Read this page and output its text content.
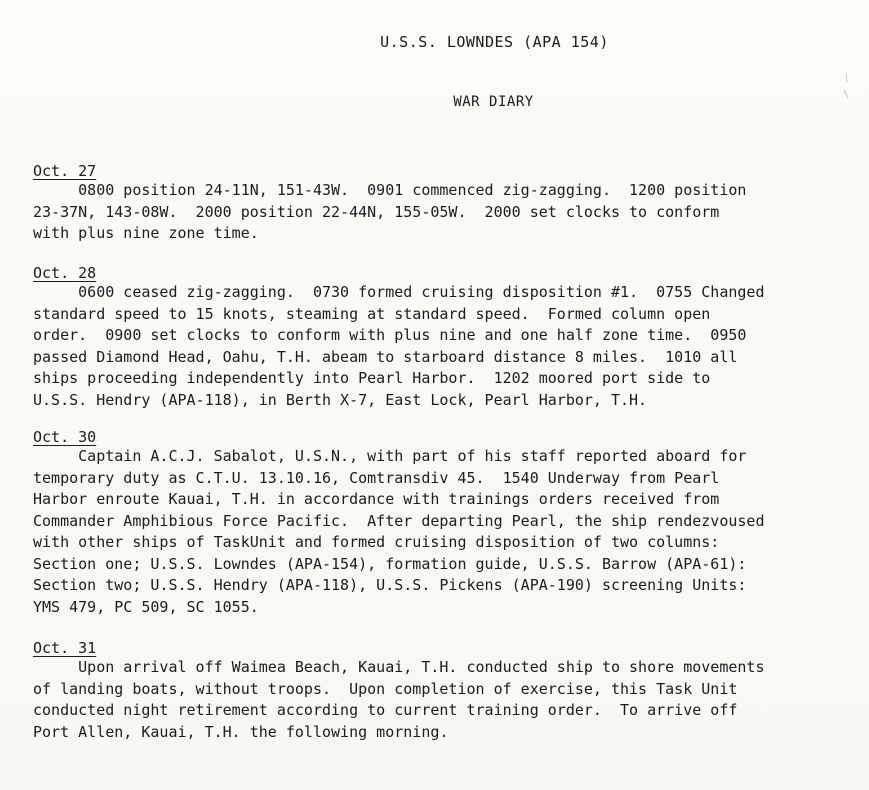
U.S.S. LOWNDES (APA 154)
WAR DIARY
Oct. 27
0800 position 24-11N, 151-43W.  0901 commenced zig-zagging.  1200 position
23-37N, 143-08W.  2000 position 22-44N, 155-05W.  2000 set clocks to conform
with plus nine zone time.
Oct. 28
0600 ceased zig-zagging.  0730 formed cruising disposition #1.  0755 Changed
standard speed to 15 knots, steaming at standard speed.  Formed column open
order.  0900 set clocks to conform with plus nine and one half zone time.  0950
passed Diamond Head, Oahu, T.H. abeam to starboard distance 8 miles.  1010 all
ships proceeding independently into Pearl Harbor.  1202 moored port side to
U.S.S. Hendry (APA-118), in Berth X-7, East Lock, Pearl Harbor, T.H.
Oct. 30
Captain A.C.J. Sabalot, U.S.N., with part of his staff reported aboard for
temporary duty as C.T.U. 13.10.16, Comtransdiv 45.  1540 Underway from Pearl
Harbor enroute Kauai, T.H. in accordance with trainings orders received from
Commander Amphibious Force Pacific.  After departing Pearl, the ship rendezvoused
with other ships of TaskUnit and formed cruising disposition of two columns:
Section one; U.S.S. Lowndes (APA-154), formation guide, U.S.S. Barrow (APA-61):
Section two; U.S.S. Hendry (APA-118), U.S.S. Pickens (APA-190) screening Units:
YMS 479, PC 509, SC 1055.
Oct. 31
Upon arrival off Waimea Beach, Kauai, T.H. conducted ship to shore movements
of landing boats, without troops.  Upon completion of exercise, this Task Unit
conducted night retirement according to current training order.  To arrive off
Port Allen, Kauai, T.H. the following morning.
